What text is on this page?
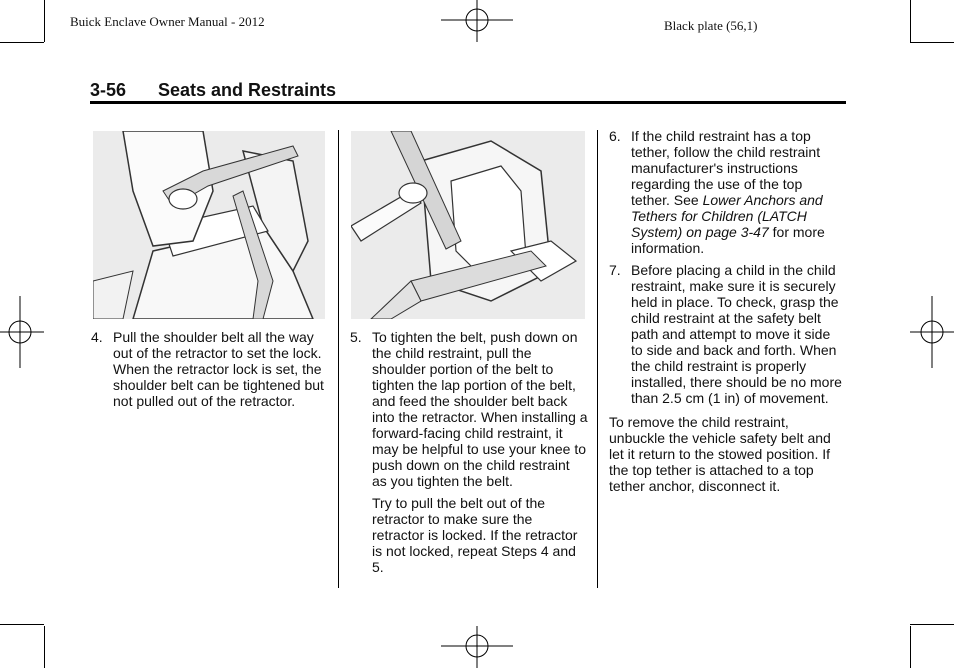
Buick Enclave Owner Manual - 2012	Black plate (56,1)
3-56 Seats and Restraints
4. Pull the shoulder belt all the way out of the retractor to set the lock. When the retractor lock is set, the shoulder belt can be tightened but not pulled out of the retractor.
5. To tighten the belt, push down on the child restraint, pull the shoulder portion of the belt to tighten the lap portion of the belt, and feed the shoulder belt back into the retractor. When installing a forward-facing child restraint, it may be helpful to use your knee to push down on the child restraint as you tighten the belt.
Try to pull the belt out of the retractor to make sure the retractor is locked. If the retractor is not locked, repeat Steps 4 and 5.
6. If the child restraint has a top tether, follow the child restraint manufacturer's instructions regarding the use of the top tether. See Lower Anchors and Tethers for Children (LATCH System) on page 3-47 for more information.
7. Before placing a child in the child restraint, make sure it is securely held in place. To check, grasp the child restraint at the safety belt path and attempt to move it side to side and back and forth. When the child restraint is properly installed, there should be no more than 2.5 cm (1 in) of movement.
To remove the child restraint, unbuckle the vehicle safety belt and let it return to the stowed position. If the top tether is attached to a top tether anchor, disconnect it.
